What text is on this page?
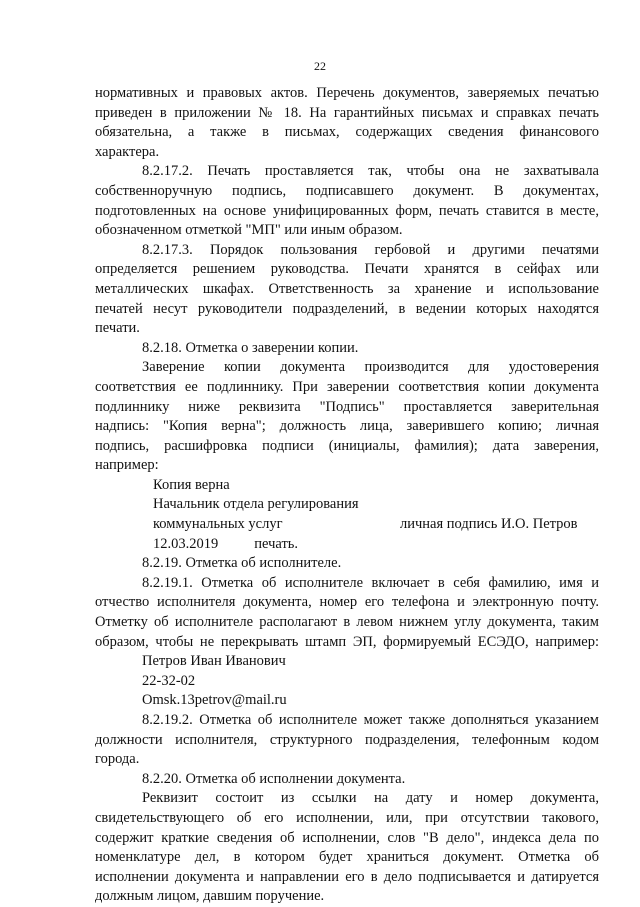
22
нормативных и правовых актов. Перечень документов, заверяемых печатью
приведен в приложении № 18. На гарантийных письмах и справках печать
обязательна, а также в письмах, содержащих сведения финансового
характера.
8.2.17.2. Печать проставляется так, чтобы она не захватывала
собственноручную подпись, подписавшего документ. В документах,
подготовленных на основе унифицированных форм, печать ставится в месте,
обозначенном отметкой "МП" или иным образом.
8.2.17.3. Порядок пользования гербовой и другими печатями
определяется решением руководства. Печати хранятся в сейфах или
металлических шкафах. Ответственность за хранение и использование
печатей несут руководители подразделений, в ведении которых находятся
печати.
8.2.18. Отметка о заверении копии.
Заверение копии документа производится для удостоверения
соответствия ее подлиннику. При заверении соответствия копии документа
подлиннику ниже реквизита "Подпись" проставляется заверительная
надпись: "Копия верна"; должность лица, заверившего копию; личная
подпись, расшифровка подписи (инициалы, фамилия); дата заверения,
например:
Копия верна
Начальник отдела регулирования
коммунальных услуг	личная подпись И.О. Петров
12.03.2019 печать.
8.2.19. Отметка об исполнителе.
8.2.19.1. Отметка об исполнителе включает в себя фамилию, имя и
отчество исполнителя документа, номер его телефона и электронную почту.
Отметку об исполнителе располагают в левом нижнем углу документа, таким
образом, чтобы не перекрывать штамп ЭП, формируемый ЕСЭДО, например:
Петров Иван Иванович
22-32-02
Omsk.13petrov@mail.ru
8.2.19.2. Отметка об исполнителе может также дополняться указанием
должности исполнителя, структурного подразделения, телефонным кодом
города.
8.2.20. Отметка об исполнении документа.
Реквизит состоит из ссылки на дату и номер документа,
свидетельствующего об его исполнении, или, при отсутствии такового,
содержит краткие сведения об исполнении, слов "В дело", индекса дела по
номенклатуре дел, в котором будет храниться документ. Отметка об
исполнении документа и направлении его в дело подписывается и датируется
должным лицом, давшим поручение.
